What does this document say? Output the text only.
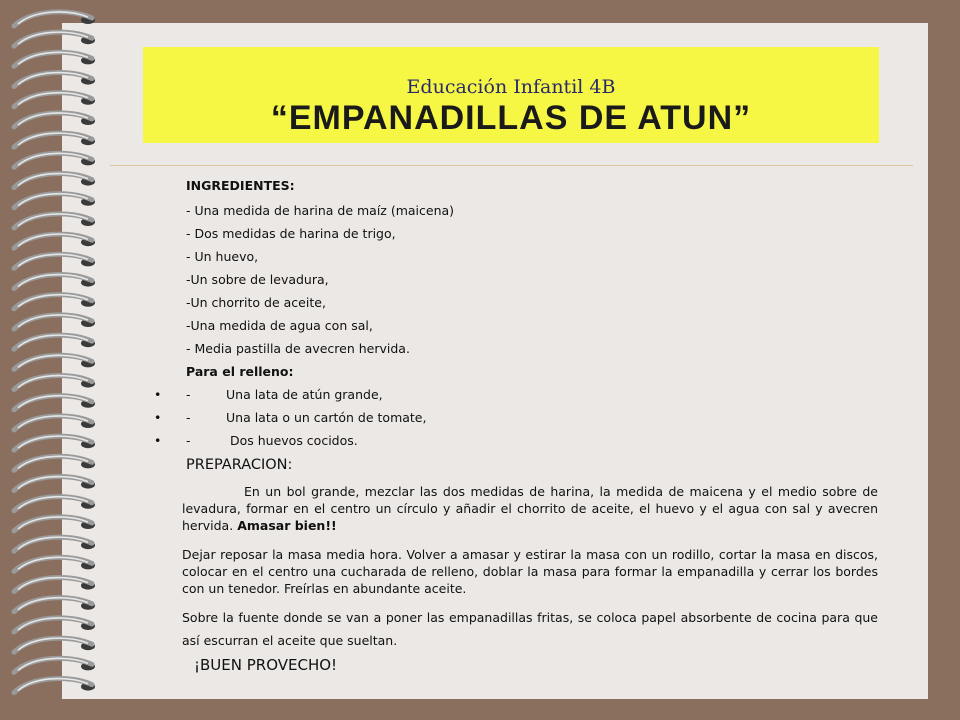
Educación Infantil 4B
“EMPANADILLAS DE ATUN”
INGREDIENTES:
- Una medida de harina de maíz (maicena)
- Dos medidas de harina de trigo,
- Un huevo,
-Un sobre de levadura,
-Un chorrito de aceite,
-Una medida de agua con sal,
- Media pastilla de avecren hervida.
Para el relleno:
• -	Una lata de atún grande,
• -	Una lata o un cartón de tomate,
• -	Dos huevos cocidos.
PREPARACION:
En un bol grande, mezclar las dos medidas de harina, la medida de maicena y el medio sobre de levadura, formar en el centro un círculo y añadir el chorrito de aceite, el huevo y el agua con sal y avecren hervida. Amasar bien!!
Dejar reposar la masa media hora. Volver a amasar y estirar la masa con un rodillo, cortar la masa en discos, colocar en el centro una cucharada de relleno, doblar la masa para formar la empanadilla y cerrar los bordes con un tenedor. Freírlas en abundante aceite.
Sobre la fuente donde se van a poner las empanadillas fritas, se coloca papel absorbente de cocina para que así escurran el aceite que sueltan.
¡BUEN PROVECHO!
